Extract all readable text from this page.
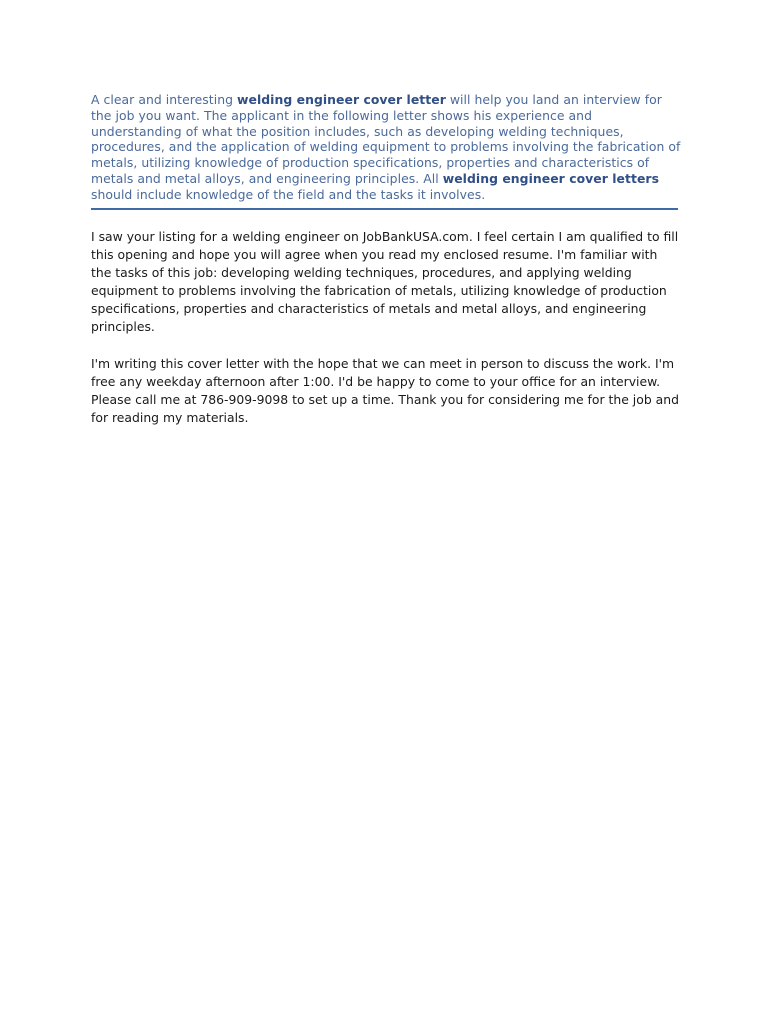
A clear and interesting welding engineer cover letter will help you land an interview for the job you want. The applicant in the following letter shows his experience and understanding of what the position includes, such as developing welding techniques, procedures, and the application of welding equipment to problems involving the fabrication of metals, utilizing knowledge of production specifications, properties and characteristics of metals and metal alloys, and engineering principles. All welding engineer cover letters should include knowledge of the field and the tasks it involves.

I saw your listing for a welding engineer on JobBankUSA.com. I feel certain I am qualified to fill this opening and hope you will agree when you read my enclosed resume. I'm familiar with the tasks of this job: developing welding techniques, procedures, and applying welding equipment to problems involving the fabrication of metals, utilizing knowledge of production specifications, properties and characteristics of metals and metal alloys, and engineering principles.

I'm writing this cover letter with the hope that we can meet in person to discuss the work. I'm free any weekday afternoon after 1:00. I'd be happy to come to your office for an interview. Please call me at 786-909-9098 to set up a time. Thank you for considering me for the job and for reading my materials.
